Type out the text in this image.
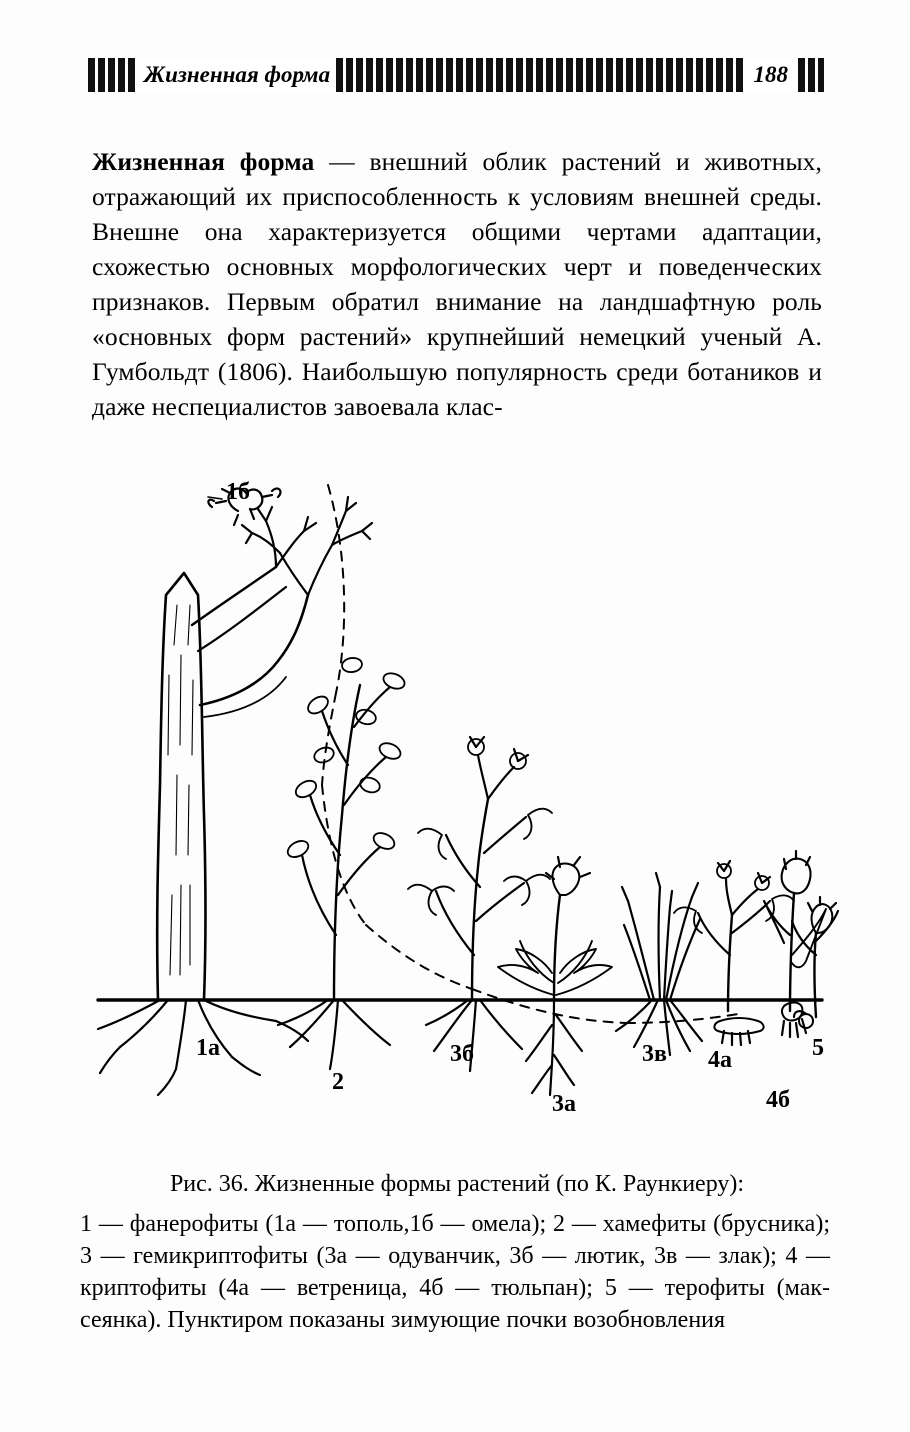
Жизненная форма	188

Жизненная форма — внешний облик растений и животных, отражающий их приспособленность к условиям внешней среды. Внешне она характеризуется общими чертами адаптации, схожестью основных морфологических черт и поведенческих признаков. Первым обратил внимание на ландшафтную роль «основных форм растений» крупнейший немецкий ученый А. Гумбольдт (1806). Наибольшую популярность среди ботаников и даже неспециалистов завоевала клас-

1а
1б
2
3а
3б	3в 4а
4б
5
Рис. 36. Жизненные формы растений (по К. Раункиеру):
1 — фанерофиты (1а — тополь,1б — омела); 2 — хамефиты (брусника); 3 — гемикриптофиты (3а — одуванчик, 3б — лютик, 3в — злак); 4 — криптофиты (4а — ветреница, 4б — тюльпан); 5 — терофиты (мак-сеянка). Пунктиром показаны зимующие почки возобновления
